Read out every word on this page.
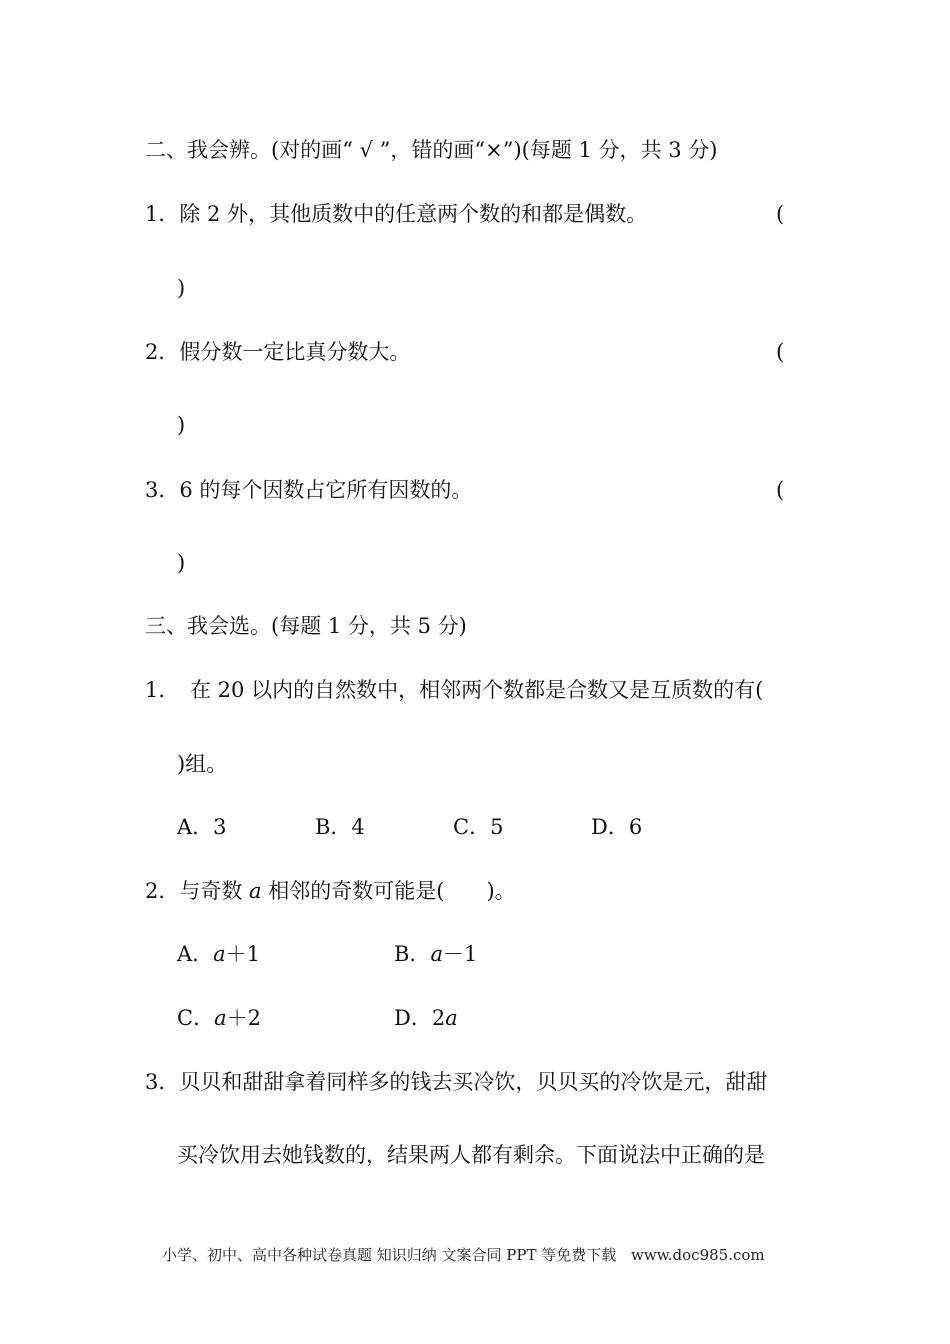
二、我会辨。(对的画“ √ ”，错的画“×”)(每题 1 分，共 3 分)
1．除 2 外，其他质数中的任意两个数的和都是偶数。	(
)
2．假分数一定比真分数大。	(
)
3．6 的每个因数占它所有因数的。	(
)
三、我会选。(每题 1 分，共 5 分)
1． 在 20 以内的自然数中，相邻两个数都是合数又是互质数的有(
)组。
A．3	B．4	C．5	D．6
2．与奇数 a 相邻的奇数可能是(　　)。
A．a＋1	B．a－1
C．a＋2	D．2a
3．贝贝和甜甜拿着同样多的钱去买冷饮，贝贝买的冷饮是元，甜甜
买冷饮用去她钱数的，结果两人都有剩余。下面说法中正确的是
小学、初中、高中各种试卷真题 知识归纳 文案合同 PPT 等免费下载 www.doc985.com
